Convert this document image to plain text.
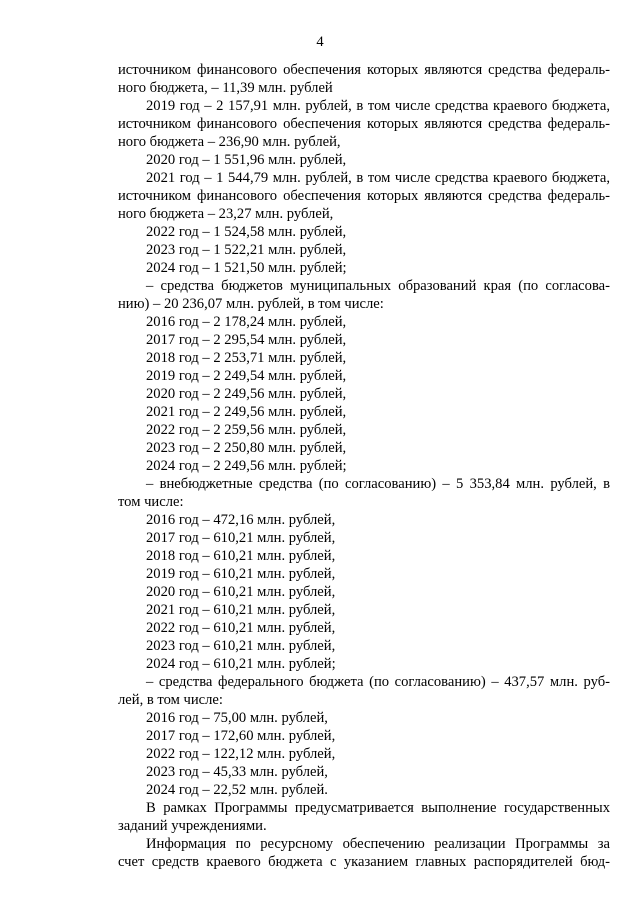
4
источником финансового обеспечения которых являются средства федераль-
ного бюджета, – 11,39 млн. рублей
2019 год – 2 157,91 млн. рублей, в том числе средства краевого бюджета,
источником финансового обеспечения которых являются средства федераль-
ного бюджета – 236,90 млн. рублей,
2020 год – 1 551,96 млн. рублей,
2021 год – 1 544,79 млн. рублей, в том числе средства краевого бюджета,
источником финансового обеспечения которых являются средства федераль-
ного бюджета – 23,27 млн. рублей,
2022 год – 1 524,58 млн. рублей,
2023 год – 1 522,21 млн. рублей,
2024 год – 1 521,50 млн. рублей;
– средства бюджетов муниципальных образований края (по согласова-
нию) – 20 236,07 млн. рублей, в том числе:
2016 год – 2 178,24 млн. рублей,
2017 год – 2 295,54 млн. рублей,
2018 год – 2 253,71 млн. рублей,
2019 год – 2 249,54 млн. рублей,
2020 год – 2 249,56 млн. рублей,
2021 год – 2 249,56 млн. рублей,
2022 год – 2 259,56 млн. рублей,
2023 год – 2 250,80 млн. рублей,
2024 год – 2 249,56 млн. рублей;
– внебюджетные средства (по согласованию) – 5 353,84 млн. рублей, в
том числе:
2016 год – 472,16 млн. рублей,
2017 год – 610,21 млн. рублей,
2018 год – 610,21 млн. рублей,
2019 год – 610,21 млн. рублей,
2020 год – 610,21 млн. рублей,
2021 год – 610,21 млн. рублей,
2022 год – 610,21 млн. рублей,
2023 год – 610,21 млн. рублей,
2024 год – 610,21 млн. рублей;
– средства федерального бюджета (по согласованию) – 437,57 млн. руб-
лей, в том числе:
2016 год – 75,00 млн. рублей,
2017 год – 172,60 млн. рублей,
2022 год – 122,12 млн. рублей,
2023 год – 45,33 млн. рублей,
2024 год – 22,52 млн. рублей.
В рамках Программы предусматривается выполнение государственных
заданий учреждениями.
Информация по ресурсному обеспечению реализации Программы за
счет средств краевого бюджета с указанием главных распорядителей бюд-
